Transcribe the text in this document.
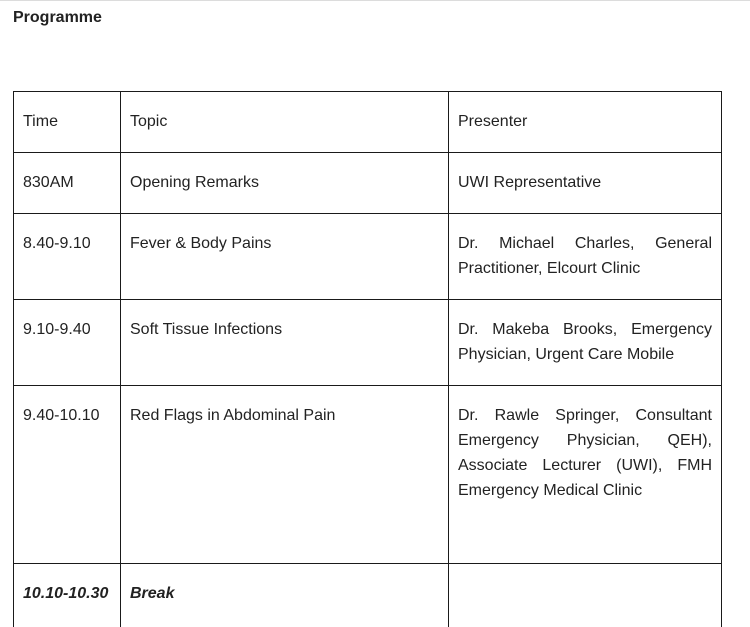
Programme
Time	Topic	Presenter
830AM	Opening Remarks	UWI Representative
8.40-9.10	Fever & Body Pains	Dr. Michael Charles, General Practitioner, Elcourt Clinic
9.10-9.40	Soft Tissue Infections	Dr. Makeba Brooks, Emergency Physician, Urgent Care Mobile
9.40-10.10	Red Flags in Abdominal Pain	Dr. Rawle Springer, Consultant Emergency Physician, QEH), Associate Lecturer (UWI), FMH Emergency Medical Clinic
10.10-10.30	Break	
